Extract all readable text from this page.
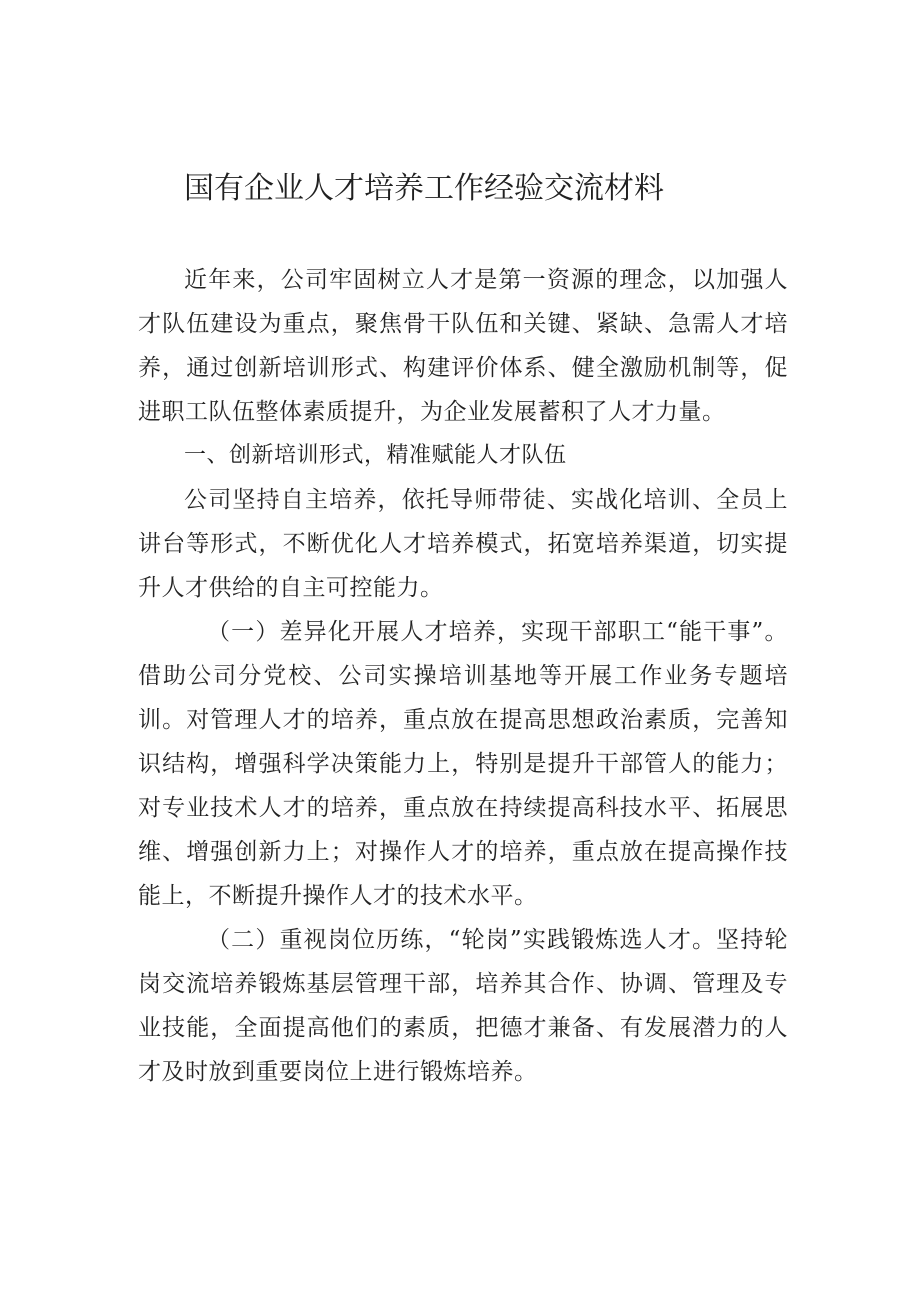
国有企业人才培养工作经验交流材料

近年来，公司牢固树立人才是第一资源的理念，以加强人才队伍建设为重点，聚焦骨干队伍和关键、紧缺、急需人才培养，通过创新培训形式、构建评价体系、健全激励机制等，促进职工队伍整体素质提升，为企业发展蓄积了人才力量。

一、创新培训形式，精准赋能人才队伍

公司坚持自主培养，依托导师带徒、实战化培训、全员上讲台等形式，不断优化人才培养模式，拓宽培养渠道，切实提升人才供给的自主可控能力。

（一）差异化开展人才培养，实现干部职工“能干事”。借助公司分党校、公司实操培训基地等开展工作业务专题培训。对管理人才的培养，重点放在提高思想政治素质，完善知识结构，增强科学决策能力上，特别是提升干部管人的能力；对专业技术人才的培养，重点放在持续提高科技水平、拓展思维、增强创新力上；对操作人才的培养，重点放在提高操作技能上，不断提升操作人才的技术水平。

（二）重视岗位历练，“轮岗”实践锻炼选人才。坚持轮岗交流培养锻炼基层管理干部，培养其合作、协调、管理及专业技能，全面提高他们的素质，把德才兼备、有发展潜力的人才及时放到重要岗位上进行锻炼培养。
